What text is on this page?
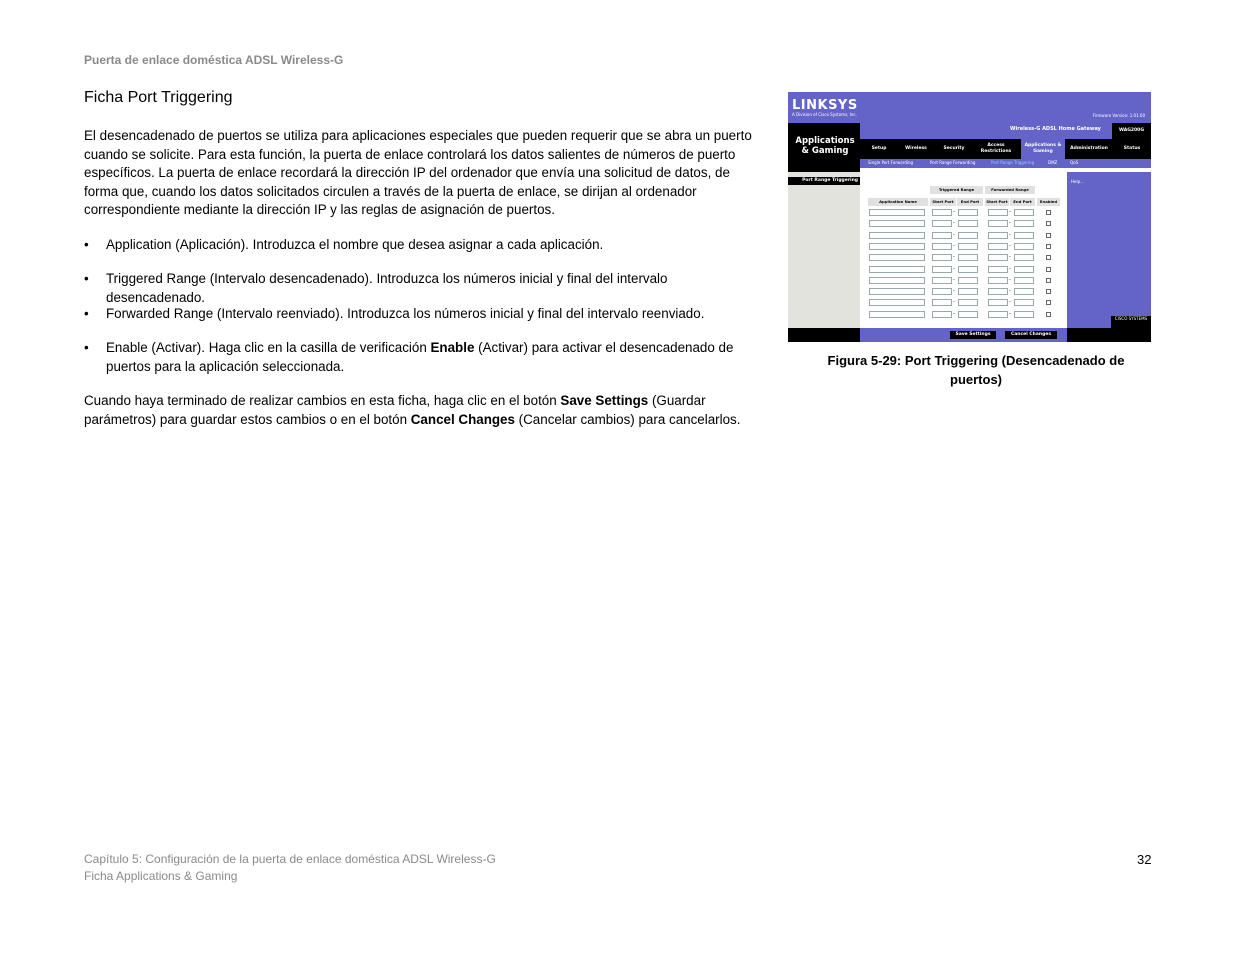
Puerta de enlace doméstica ADSL Wireless-G
Ficha Port Triggering
El desencadenado de puertos se utiliza para aplicaciones especiales que pueden requerir que se abra un puerto cuando se solicite. Para esta función, la puerta de enlace controlará los datos salientes de números de puerto específicos. La puerta de enlace recordará la dirección IP del ordenador que envía una solicitud de datos, de forma que, cuando los datos solicitados circulen a través de la puerta de enlace, se dirijan al ordenador correspondiente mediante la dirección IP y las reglas de asignación de puertos.
• Application (Aplicación). Introduzca el nombre que desea asignar a cada aplicación.
• Triggered Range (Intervalo desencadenado). Introduzca los números inicial y final del intervalo desencadenado.
• Forwarded Range (Intervalo reenviado). Introduzca los números inicial y final del intervalo reenviado.
• Enable (Activar). Haga clic en la casilla de verificación Enable (Activar) para activar el desencadenado de puertos para la aplicación seleccionada.
Cuando haya terminado de realizar cambios en esta ficha, haga clic en el botón Save Settings (Guardar parámetros) para guardar estos cambios o en el botón Cancel Changes (Cancelar cambios) para cancelarlos.
LINKSYS
A Division of Cisco Systems, Inc.	Firmware Version: 1.01.00
Applications & Gaming
Wireless-G ADSL Home Gateway	WAG200G
Setup	Wireless	Security
Access Restrictions
Applications & Gaming
Administration	Status
Single Port Forwarding	Port Range Forwarding	Port Range Triggering	DMZ	QoS
Port Range Triggering	Help...
Triggered Range	Forwarded Range
Application Name	Start Port	End Port	Start Port	End Port	Enabled
-	-
-	-
-	-
-	-
-	-
-	-
-	-
-	-
-	-
-	-
Save Settings	Cancel Changes
CISCO SYSTEMS
Figura 5-29: Port Triggering (Desencadenado de puertos)
Capítulo 5: Configuración de la puerta de enlace doméstica ADSL Wireless-G
Ficha Applications & Gaming
32
